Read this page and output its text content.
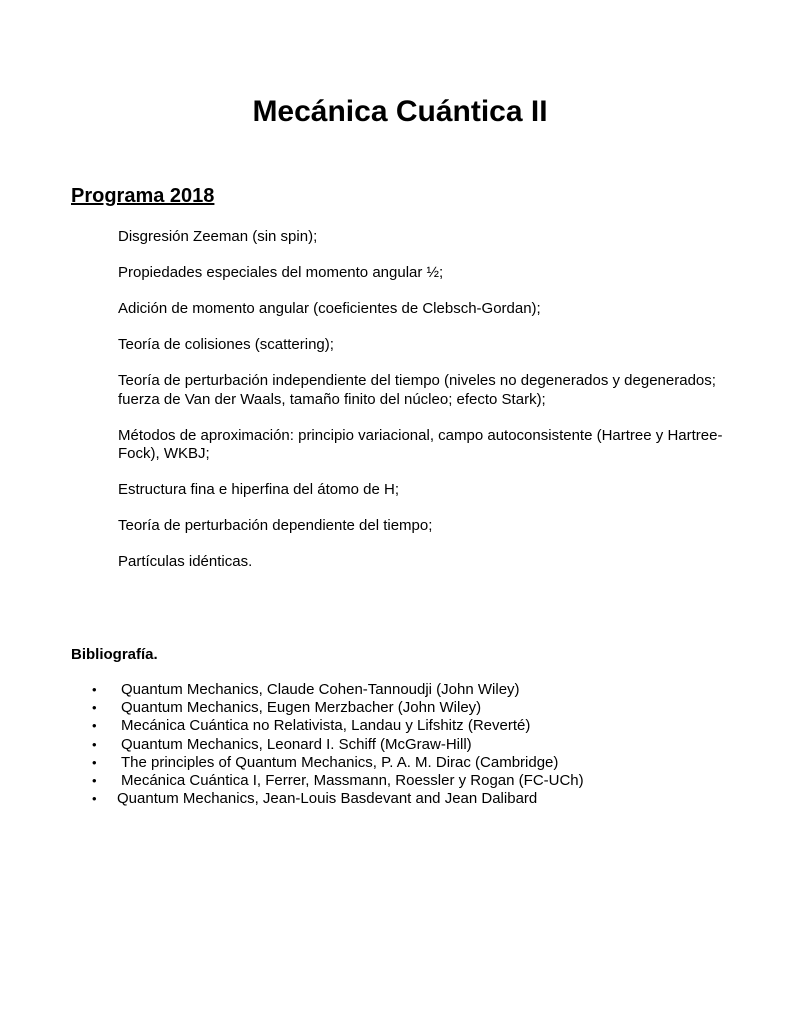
Mecánica Cuántica II
Programa 2018
Disgresión Zeeman (sin spin);
Propiedades especiales del momento angular ½;
Adición de momento angular (coeficientes de Clebsch-Gordan);
Teoría de colisiones (scattering);
Teoría de perturbación independiente del tiempo (niveles no degenerados y degenerados; fuerza de Van der Waals, tamaño finito del núcleo; efecto Stark);
Métodos de aproximación: principio variacional, campo autoconsistente (Hartree y Hartree-Fock), WKBJ;
Estructura fina e hiperfina del átomo de H;
Teoría de perturbación dependiente del tiempo;
Partículas idénticas.
Bibliografía.
• Quantum Mechanics, Claude Cohen-Tannoudji (John Wiley)
• Quantum Mechanics, Eugen Merzbacher (John Wiley)
• Mecánica Cuántica no Relativista, Landau y Lifshitz (Reverté)
• Quantum Mechanics, Leonard I. Schiff (McGraw-Hill)
• The principles of Quantum Mechanics, P. A. M. Dirac (Cambridge)
• Mecánica Cuántica I, Ferrer, Massmann, Roessler y Rogan (FC-UCh)
• Quantum Mechanics, Jean-Louis Basdevant and Jean Dalibard
